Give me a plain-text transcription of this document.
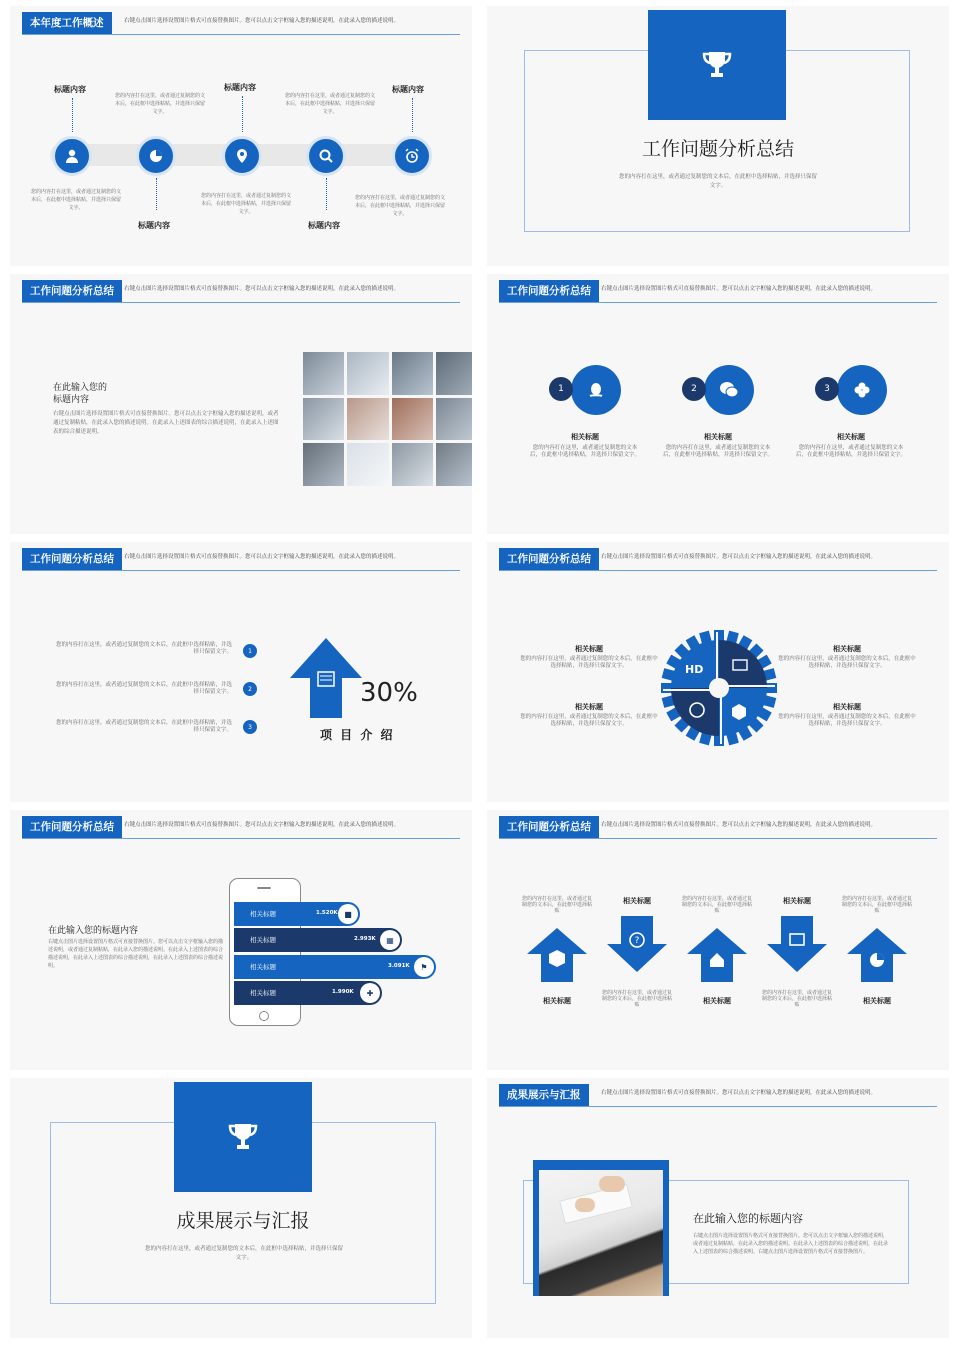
本年度工作概述	右键点击图片选择设置图片格式可直接替换图片。您可以点击文字框输入您的描述说明，在此录入您的描述说明。
标题内容
您的内容打在这里，或者通过复制您的文本后，在此框中选择粘贴，并选择只保留文字。
您的内容打在这里，或者通过复制您的文本后，在此框中选择粘贴，并选择只保留文字。
标题内容
标题内容
您的内容打在这里，或者通过复制您的文本后，在此框中选择粘贴，并选择只保留文字。
您的内容打在这里，或者通过复制您的文本后，在此框中选择粘贴，并选择只保留文字。
标题内容
标题内容
您的内容打在这里，或者通过复制您的文本后，在此框中选择粘贴，并选择只保留文字。
工作问题分析总结
您的内容打在这里，或者通过复制您的文本后，在此框中选择粘贴，并选择只保留文字。
工作问题分析总结	右键点击图片选择设置图片格式可直接替换图片。您可以点击文字框输入您的描述说明，在此录入您的描述说明。
在此输入您的
标题内容
右键点击图片选择设置图片格式可直接替换图片。您可以点击文字框输入您的描述说明，或者通过复制粘贴，在此录入您的描述说明。在此录入上述图表的综合描述说明，在此录入上述图表的综合描述说明。
工作问题分析总结	右键点击图片选择设置图片格式可直接替换图片。您可以点击文字框输入您的描述说明，在此录入您的描述说明。
1
相关标题
您的内容打在这里，或者通过复制您的文本后，在此框中选择粘贴，并选择只保留文字。
2
相关标题
您的内容打在这里，或者通过复制您的文本后，在此框中选择粘贴，并选择只保留文字。
3
相关标题
您的内容打在这里，或者通过复制您的文本后，在此框中选择粘贴，并选择只保留文字。
工作问题分析总结	右键点击图片选择设置图片格式可直接替换图片。您可以点击文字框输入您的描述说明，在此录入您的描述说明。
您的内容打在这里，或者通过复制您的文本后，在此框中选择粘贴，并选择只保留文字。	1
您的内容打在这里，或者通过复制您的文本后，在此框中选择粘贴，并选择只保留文字。	2
您的内容打在这里，或者通过复制您的文本后，在此框中选择粘贴，并选择只保留文字。	3
30%
项 目 介 绍
工作问题分析总结	右键点击图片选择设置图片格式可直接替换图片。您可以点击文字框输入您的描述说明，在此录入您的描述说明。
相关标题
您的内容打在这里，或者通过复制您的文本后，在此框中选择粘贴，并选择只保留文字。
相关标题
您的内容打在这里，或者通过复制您的文本后，在此框中选择粘贴，并选择只保留文字。
相关标题
您的内容打在这里，或者通过复制您的文本后，在此框中选择粘贴，并选择只保留文字。
相关标题
您的内容打在这里，或者通过复制您的文本后，在此框中选择粘贴，并选择只保留文字。
HD
工作问题分析总结	右键点击图片选择设置图片格式可直接替换图片。您可以点击文字框输入您的描述说明，在此录入您的描述说明。
在此输入您的标题内容
右键点击图片选择设置图片格式可直接替换图片。您可以点击文字框输入您的描述说明，或者通过复制粘贴，在此录入您的描述说明。在此录入上述图表的综合描述说明，在此录入上述图表的综合描述说明，在此录入上述图表的综合描述说明。
相关标题	1.520K ■
相关标题	2.993K	▦
相关标题	3.091K	⚑
相关标题	1.990K	✚
工作问题分析总结	右键点击图片选择设置图片格式可直接替换图片。您可以点击文字框输入您的描述说明，在此录入您的描述说明。
您的内容打在这里，或者通过复制您的文本后，在此框中选择粘贴
相关标题
相关标题
?
您的内容打在这里，或者通过复制您的文本后，在此框中选择粘贴
您的内容打在这里，或者通过复制您的文本后，在此框中选择粘贴
相关标题
相关标题
您的内容打在这里，或者通过复制您的文本后，在此框中选择粘贴
您的内容打在这里，或者通过复制您的文本后，在此框中选择粘贴
相关标题
成果展示与汇报
您的内容打在这里，或者通过复制您的文本后，在此框中选择粘贴，并选择只保留文字。
成果展示与汇报	右键点击图片选择设置图片格式可直接替换图片。您可以点击文字框输入您的描述说明，在此录入您的描述说明。
在此输入您的标题内容
右键点击图片选择设置图片格式可直接替换图片。您可以点击文字框输入您的描述说明，或者通过复制粘贴，在此录入您的描述说明。在此录入上述图表的综合描述说明，在此录入上述图表的综合描述说明。右键点击图片选择设置图片格式可直接替换图片。
